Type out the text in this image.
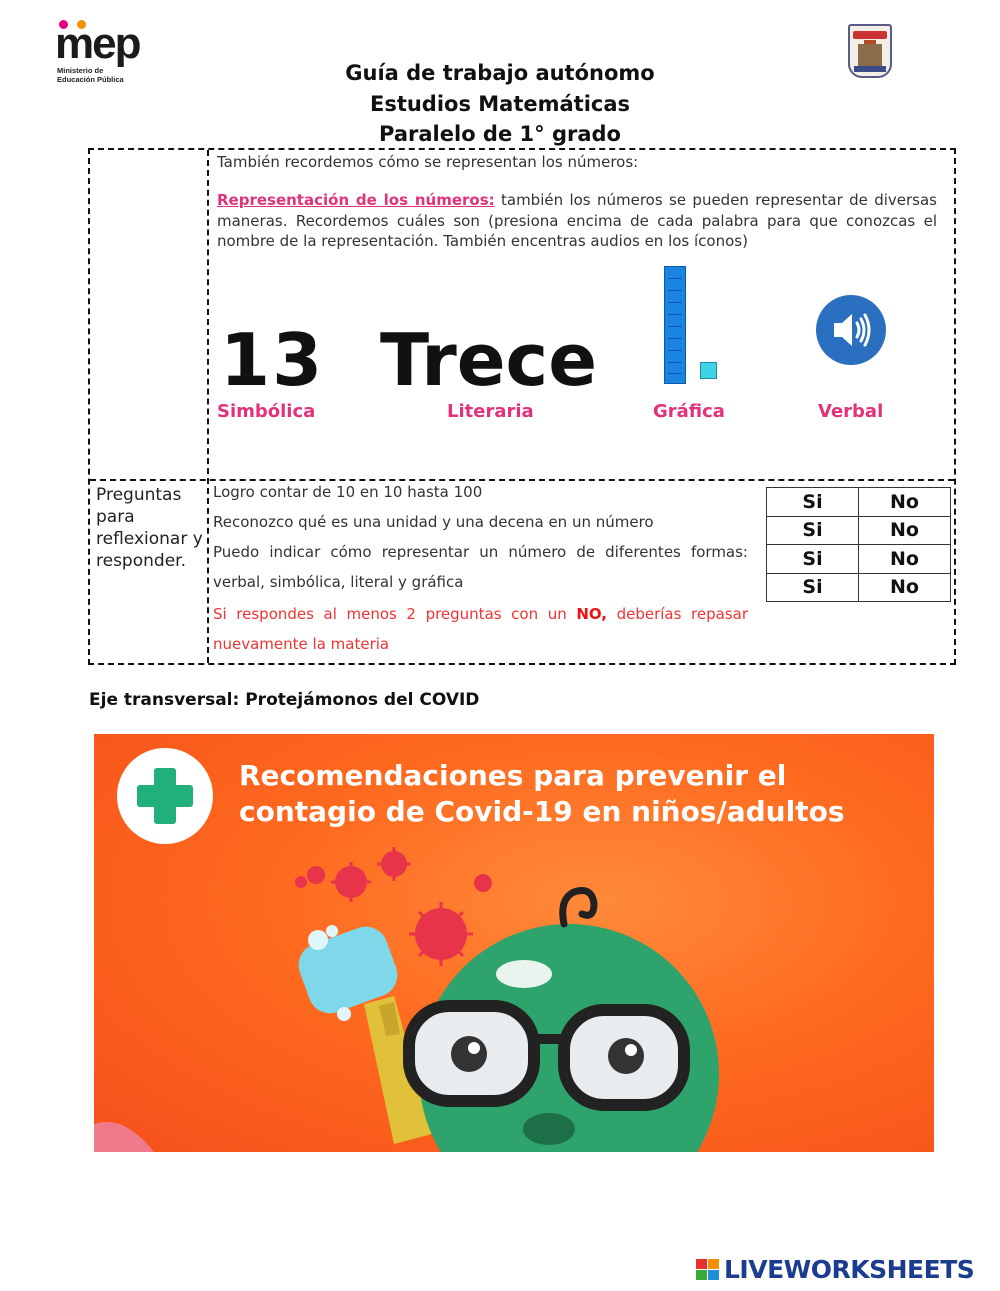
mep
Ministerio de
Educación Pública	Guía de trabajo autónomo
Estudios Matemáticas
Paralelo de 1° grado
También recordemos cómo se representan los números:
Representación de los números: también los números se pueden representar de diversas maneras. Recordemos cuáles son (presiona encima de cada palabra para que conozcas el nombre de la representación. También encentras audios en los íconos)
13 Trece
Simbólica	Literaria	Gráfica	Verbal
Preguntas para reflexionar y responder.
Logro contar de 10 en 10 hasta 100
Reconozco qué es una unidad y una decena en un número
Puedo indicar cómo representar un número de diferentes formas:
verbal, simbólica, literal y gráfica
Si respondes al menos 2 preguntas con un NO, deberías repasar
nuevamente la materia
Si	No
Si	No
Si	No
Si	No
Eje transversal: Protejámonos del COVID
Recomendaciones para prevenir el
contagio de Covid-19 en niños/adultos
LIVEWORKSHEETS
